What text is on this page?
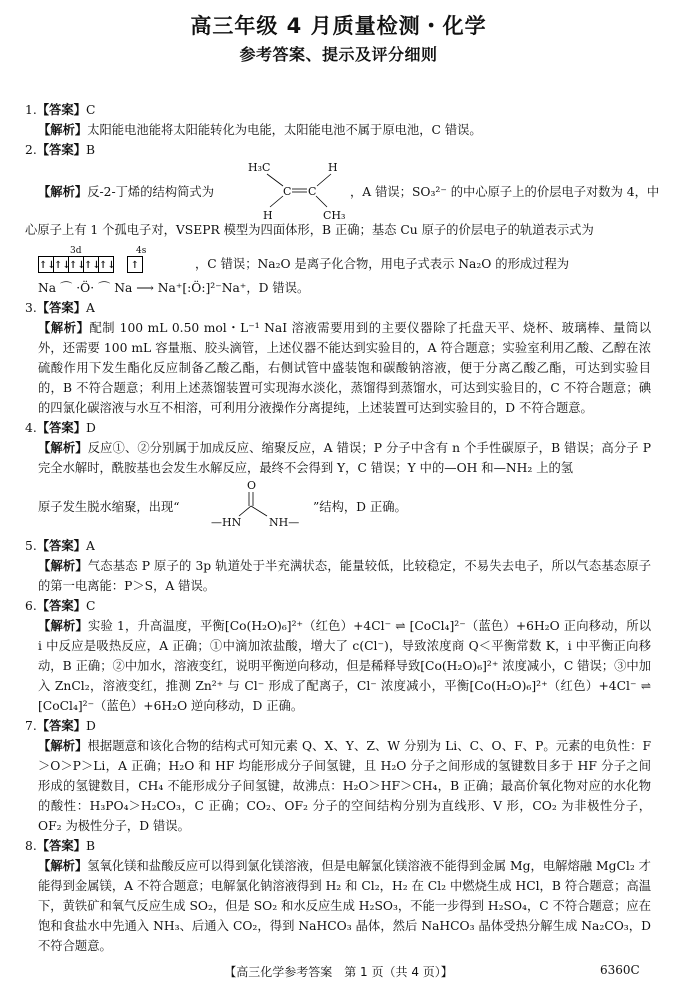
高三年级 4 月质量检测・化学
参考答案、提示及评分细则
1.【答案】C
【解析】太阳能电池能将太阳能转化为电能，太阳能电池不属于原电池，C 错误。
2.【答案】B
【解析】反-2-丁烯的结构简式为
H₃C	H
C C
H	CH₃
，A 错误；SO₃²⁻ 的中心原子上的价层电子对数为 4，中
心原子上有 1 个孤电子对，VSEPR 模型为四面体形，B 正确；基态 Cu 原子的价层电子的轨道表示式为
3d	4s
↑↓↑↓↑↓↑↓↑↓ ↑	，C 错误；Na₂O 是离子化合物，用电子式表示 Na₂O 的形成过程为
Na ⌒ ·Ö· ⌒ Na ⟶ Na⁺[:Ö:]²⁻Na⁺，D 错误。
3.【答案】A
【解析】配制 100 mL 0.50 mol・L⁻¹ NaI 溶液需要用到的主要仪器除了托盘天平、烧杯、玻璃棒、量筒以外，还需要 100 mL 容量瓶、胶头滴管，上述仪器不能达到实验目的，A 符合题意；实验室利用乙酸、乙醇在浓硫酸作用下发生酯化反应制备乙酸乙酯，右侧试管中盛装饱和碳酸钠溶液，便于分离乙酸乙酯，可达到实验目的，B 不符合题意；利用上述蒸馏装置可实现海水淡化，蒸馏得到蒸馏水，可达到实验目的，C 不符合题意；碘的四氯化碳溶液与水互不相溶，可利用分液操作分离提纯，上述装置可达到实验目的，D 不符合题意。
4.【答案】D
【解析】反应①、②分别属于加成反应、缩聚反应，A 错误；P 分子中含有 n 个手性碳原子，B 错误；高分子 P 完全水解时，酰胺基也会发生水解反应，最终不会得到 Y，C 错误；Y 中的—OH 和—NH₂ 上的氢
原子发生脱水缩聚，出现“
O
—HN	NH—
”结构，D 正确。
5.【答案】A
【解析】气态基态 P 原子的 3p 轨道处于半充满状态，能量较低，比较稳定，不易失去电子，所以气态基态原子的第一电离能：P＞S，A 错误。
6.【答案】C
【解析】实验 1，升高温度，平衡[Co(H₂O)₆]²⁺（红色）+4Cl⁻ ⇌ [CoCl₄]²⁻（蓝色）+6H₂O 正向移动，所以 i 中反应是吸热反应，A 正确；①中滴加浓盐酸，增大了 c(Cl⁻)，导致浓度商 Q＜平衡常数 K，i 中平衡正向移动，B 正确；②中加水，溶液变红，说明平衡逆向移动，但是稀释导致[Co(H₂O)₆]²⁺ 浓度减小，C 错误；③中加入 ZnCl₂，溶液变红，推测 Zn²⁺ 与 Cl⁻ 形成了配离子，Cl⁻ 浓度减小，平衡[Co(H₂O)₆]²⁺（红色）+4Cl⁻ ⇌ [CoCl₄]²⁻（蓝色）+6H₂O 逆向移动，D 正确。
7.【答案】D
【解析】根据题意和该化合物的结构式可知元素 Q、X、Y、Z、W 分别为 Li、C、O、F、P。元素的电负性：F＞O＞P＞Li，A 正确；H₂O 和 HF 均能形成分子间氢键，且 H₂O 分子之间形成的氢键数目多于 HF 分子之间形成的氢键数目，CH₄ 不能形成分子间氢键，故沸点：H₂O＞HF＞CH₄，B 正确；最高价氧化物对应的水化物的酸性：H₃PO₄＞H₂CO₃，C 正确；CO₂、OF₂ 分子的空间结构分别为直线形、V 形，CO₂ 为非极性分子，OF₂ 为极性分子，D 错误。
8.【答案】B
【解析】氢氧化镁和盐酸反应可以得到氯化镁溶液，但是电解氯化镁溶液不能得到金属 Mg，电解熔融 MgCl₂ 才能得到金属镁，A 不符合题意；电解氯化钠溶液得到 H₂ 和 Cl₂，H₂ 在 Cl₂ 中燃烧生成 HCl，B 符合题意；高温下，黄铁矿和氧气反应生成 SO₂，但是 SO₂ 和水反应生成 H₂SO₃，不能一步得到 H₂SO₄，C 不符合题意；应在饱和食盐水中先通入 NH₃、后通入 CO₂，得到 NaHCO₃ 晶体，然后 NaHCO₃ 晶体受热分解生成 Na₂CO₃，D 不符合题意。
【高三化学参考答案　第 1 页（共 4 页）】	6360C
